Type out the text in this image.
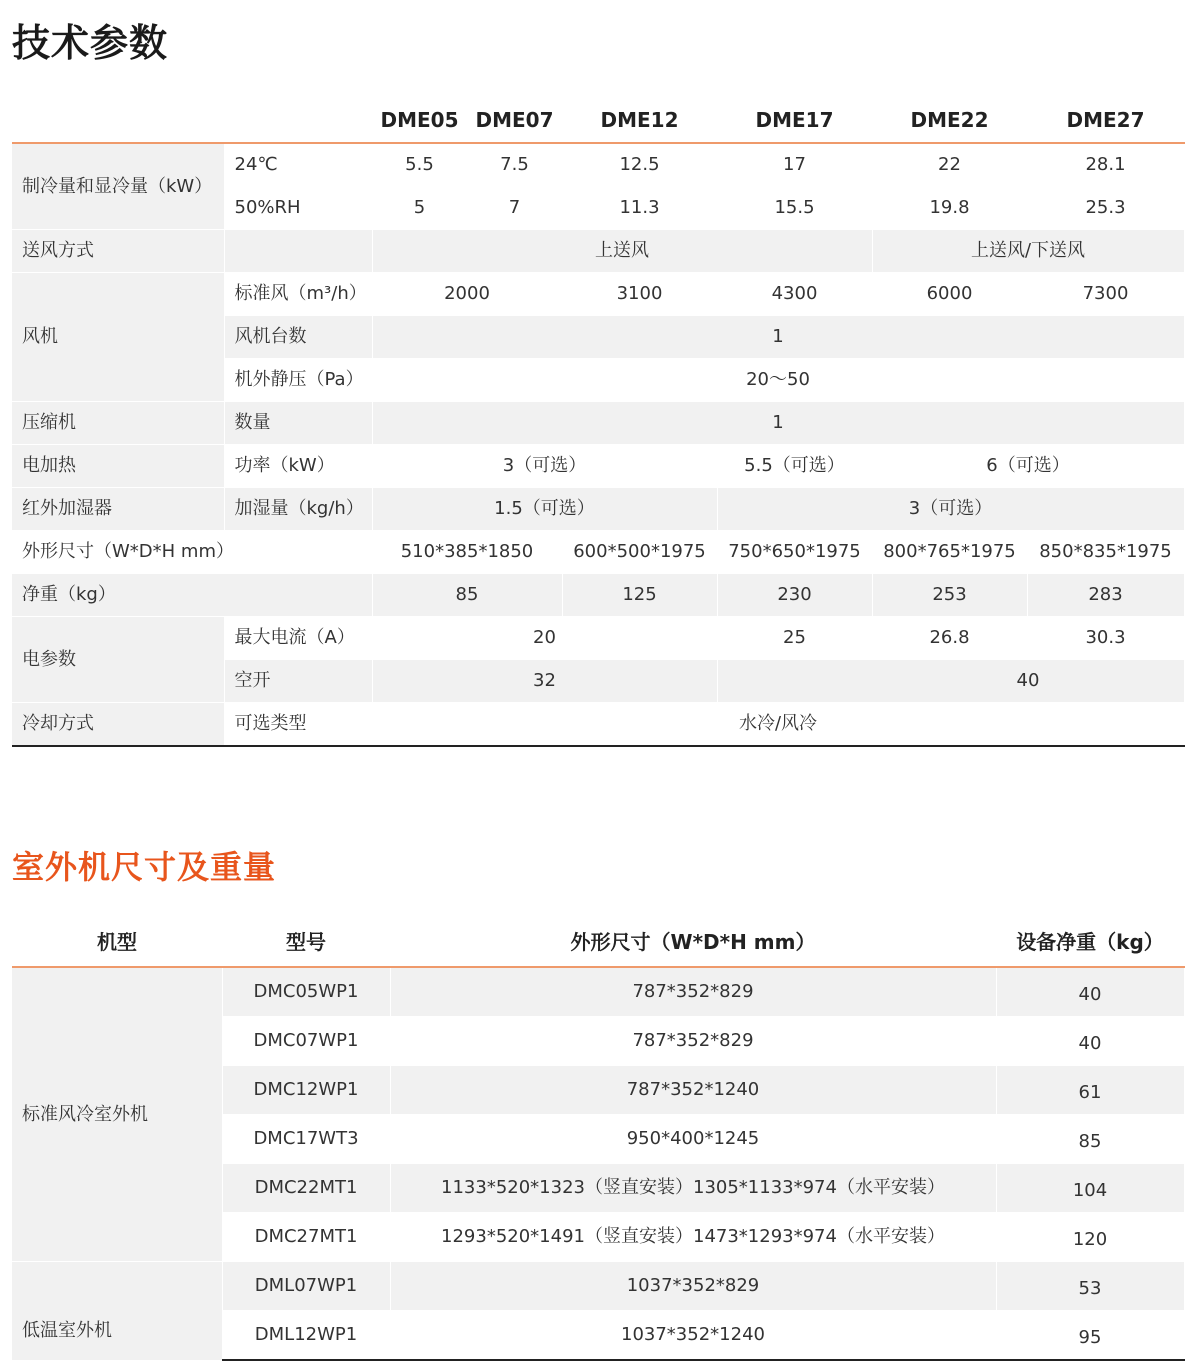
技术参数
		DME05	DME07	DME12	DME17	DME22	DME27
制冷量和显冷量（kW）	24℃	5.5	7.5	12.5	17	22	28.1
	50%RH	5	7	11.3	15.5	19.8	25.3
送风方式		上送风				上送风/下送风	
风机	标准风（m³/h）	2000		3100	4300	6000	7300
	风机台数	1					
	机外静压（Pa）	20～50					
压缩机	数量	1					
电加热	功率（kW）	3（可选）			5.5（可选）	6（可选）	
红外加湿器	加湿量（kg/h）	1.5（可选）			3（可选）		
外形尺寸（W*D*H mm）		510*385*1850		600*500*1975	750*650*1975	800*765*1975	850*835*1975
净重（kg）		85		125	230	253	283
电参数	最大电流（A）	20			25	26.8	30.3
	空开	32			40		
冷却方式	可选类型	水冷/风冷					
室外机尺寸及重量
机型	型号	外形尺寸（W*D*H mm）	设备净重（kg）
标准风冷室外机	DMC05WP1	787*352*829	40
	DMC07WP1	787*352*829	40
	DMC12WP1	787*352*1240	61
	DMC17WT3	950*400*1245	85
	DMC22MT1	1133*520*1323（竖直安装）1305*1133*974（水平安装）	104
	DMC27MT1	1293*520*1491（竖直安装）1473*1293*974（水平安装）	120
低温室外机	DML07WP1	1037*352*829	53
	DML12WP1	1037*352*1240	95
